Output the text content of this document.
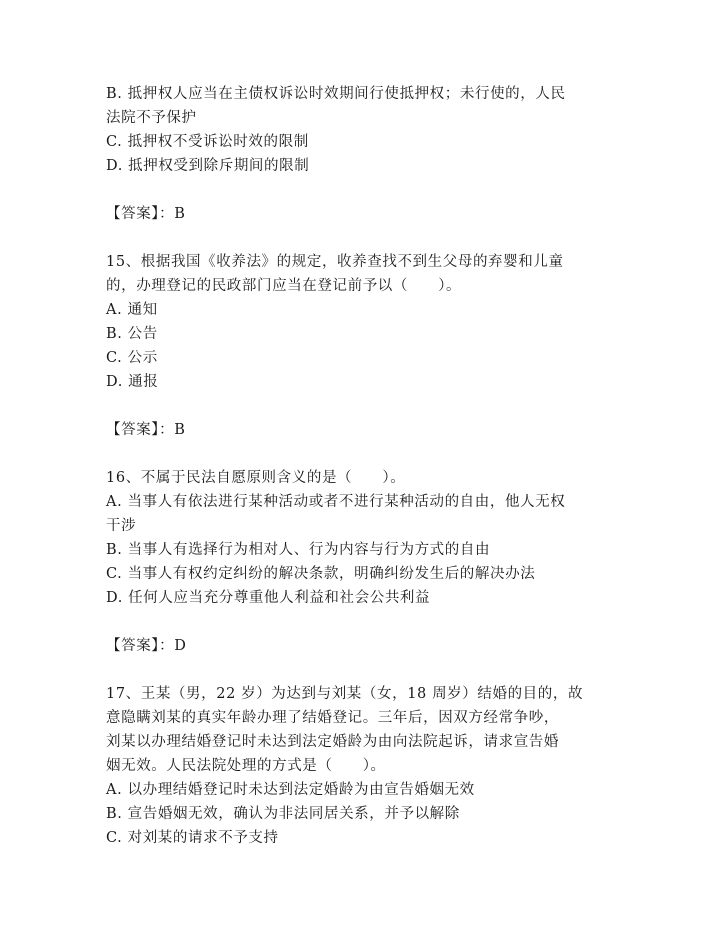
B. 抵押权人应当在主债权诉讼时效期间行使抵押权；未行使的，人民
法院不予保护
C. 抵押权不受诉讼时效的限制
D. 抵押权受到除斥期间的限制
【答案】：B
15、根据我国《收养法》的规定，收养查找不到生父母的弃婴和儿童
的，办理登记的民政部门应当在登记前予以（　　）。
A. 通知
B. 公告
C. 公示
D. 通报
【答案】：B
16、不属于民法自愿原则含义的是（　　）。
A. 当事人有依法进行某种活动或者不进行某种活动的自由，他人无权
干涉
B. 当事人有选择行为相对人、行为内容与行为方式的自由
C. 当事人有权约定纠纷的解决条款，明确纠纷发生后的解决办法
D. 任何人应当充分尊重他人利益和社会公共利益
【答案】：D
17、王某（男，22 岁）为达到与刘某（女，18 周岁）结婚的目的，故
意隐瞒刘某的真实年龄办理了结婚登记。三年后，因双方经常争吵，
刘某以办理结婚登记时未达到法定婚龄为由向法院起诉，请求宣告婚
姻无效。人民法院处理的方式是（　　）。
A. 以办理结婚登记时未达到法定婚龄为由宣告婚姻无效
B. 宣告婚姻无效，确认为非法同居关系，并予以解除
C. 对刘某的请求不予支持
